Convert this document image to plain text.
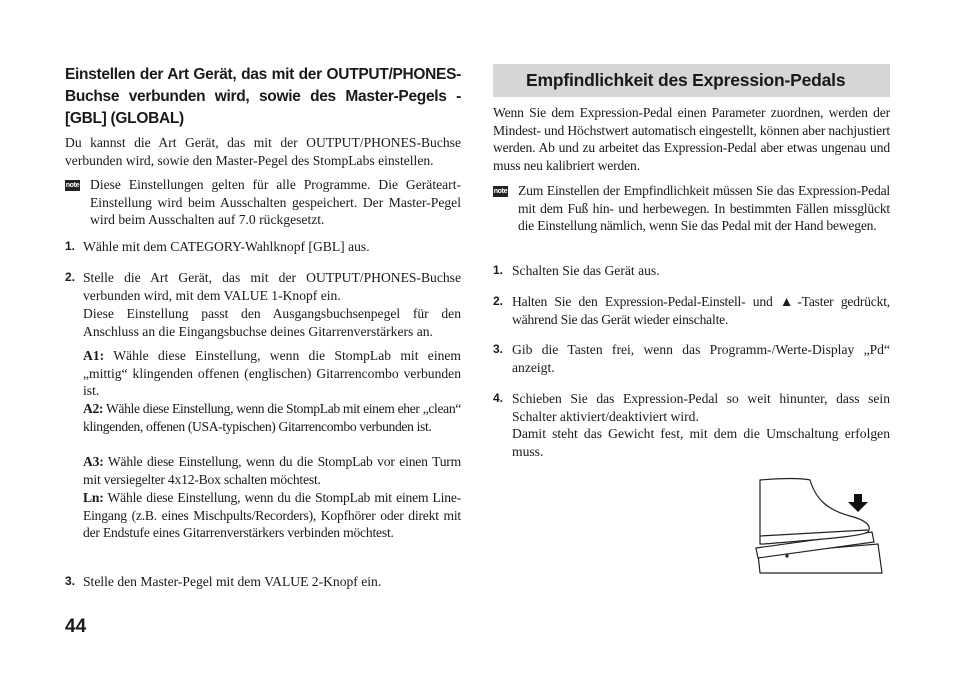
Einstellen der Art Gerät, das mit der OUTPUT/PHONES-Buchse verbunden wird, sowie des Master-Pegels - [GBL] (GLOBAL)
Du kannst die Art Gerät, das mit der OUTPUT/PHONES-Buchse verbunden wird, sowie den Master-Pegel des StompLabs einstellen.
note Diese Einstellungen gelten für alle Programme. Die Geräteart-Einstellung wird beim Ausschalten gespeichert. Der Master-Pegel wird beim Ausschalten auf 7.0 rückgesetzt.
1. Wähle mit dem CATEGORY-Wahlknopf [GBL] aus.
2. Stelle die Art Gerät, das mit der OUTPUT/PHONES-Buchse verbunden wird, mit dem VALUE 1-Knopf ein.
Diese Einstellung passt den Ausgangsbuchsenpegel für den Anschluss an die Eingangsbuchse deines Gitarrenverstärkers an.
A1: Wähle diese Einstellung, wenn die StompLab mit einem „mittig“ klingenden offenen (englischen) Gitarrencombo verbunden ist.
A2: Wähle diese Einstellung, wenn die StompLab mit einem eher „clean“ klingenden, offenen (USA-typischen) Gitarrencombo verbunden ist.
A3: Wähle diese Einstellung, wenn du die StompLab vor einen Turm mit versiegelter 4x12-Box schalten möchtest.
Ln: Wähle diese Einstellung, wenn du die StompLab mit einem Line-Eingang (z.B. eines Mischpults/Recorders), Kopfhörer oder direkt mit der Endstufe eines Gitarrenverstärkers verbinden möchtest.
3. Stelle den Master-Pegel mit dem VALUE 2-Knopf ein.
44
Empfindlichkeit des Expression-Pedals
Wenn Sie dem Expression-Pedal einen Parameter zuordnen, werden der Mindest- und Höchstwert automatisch eingestellt, können aber nachjustiert werden. Ab und zu arbeitet das Expression-Pedal aber etwas ungenau und muss neu kalibriert werden.
note Zum Einstellen der Empfindlichkeit müssen Sie das Expression-Pedal mit dem Fuß hin- und herbewegen. In bestimmten Fällen missglückt die Einstellung nämlich, wenn Sie das Pedal mit der Hand bewegen.
1. Schalten Sie das Gerät aus.
2. Halten Sie den Expression-Pedal-Einstell- und ▲-Taster gedrückt, während Sie das Gerät wieder einschalte.
3. Gib die Tasten frei, wenn das Programm-/Werte-Display „Pd“ anzeigt.
4. Schieben Sie das Expression-Pedal so weit hinunter, dass sein Schalter aktiviert/deaktiviert wird.
Damit steht das Gewicht fest, mit dem die Umschaltung erfolgen muss.
